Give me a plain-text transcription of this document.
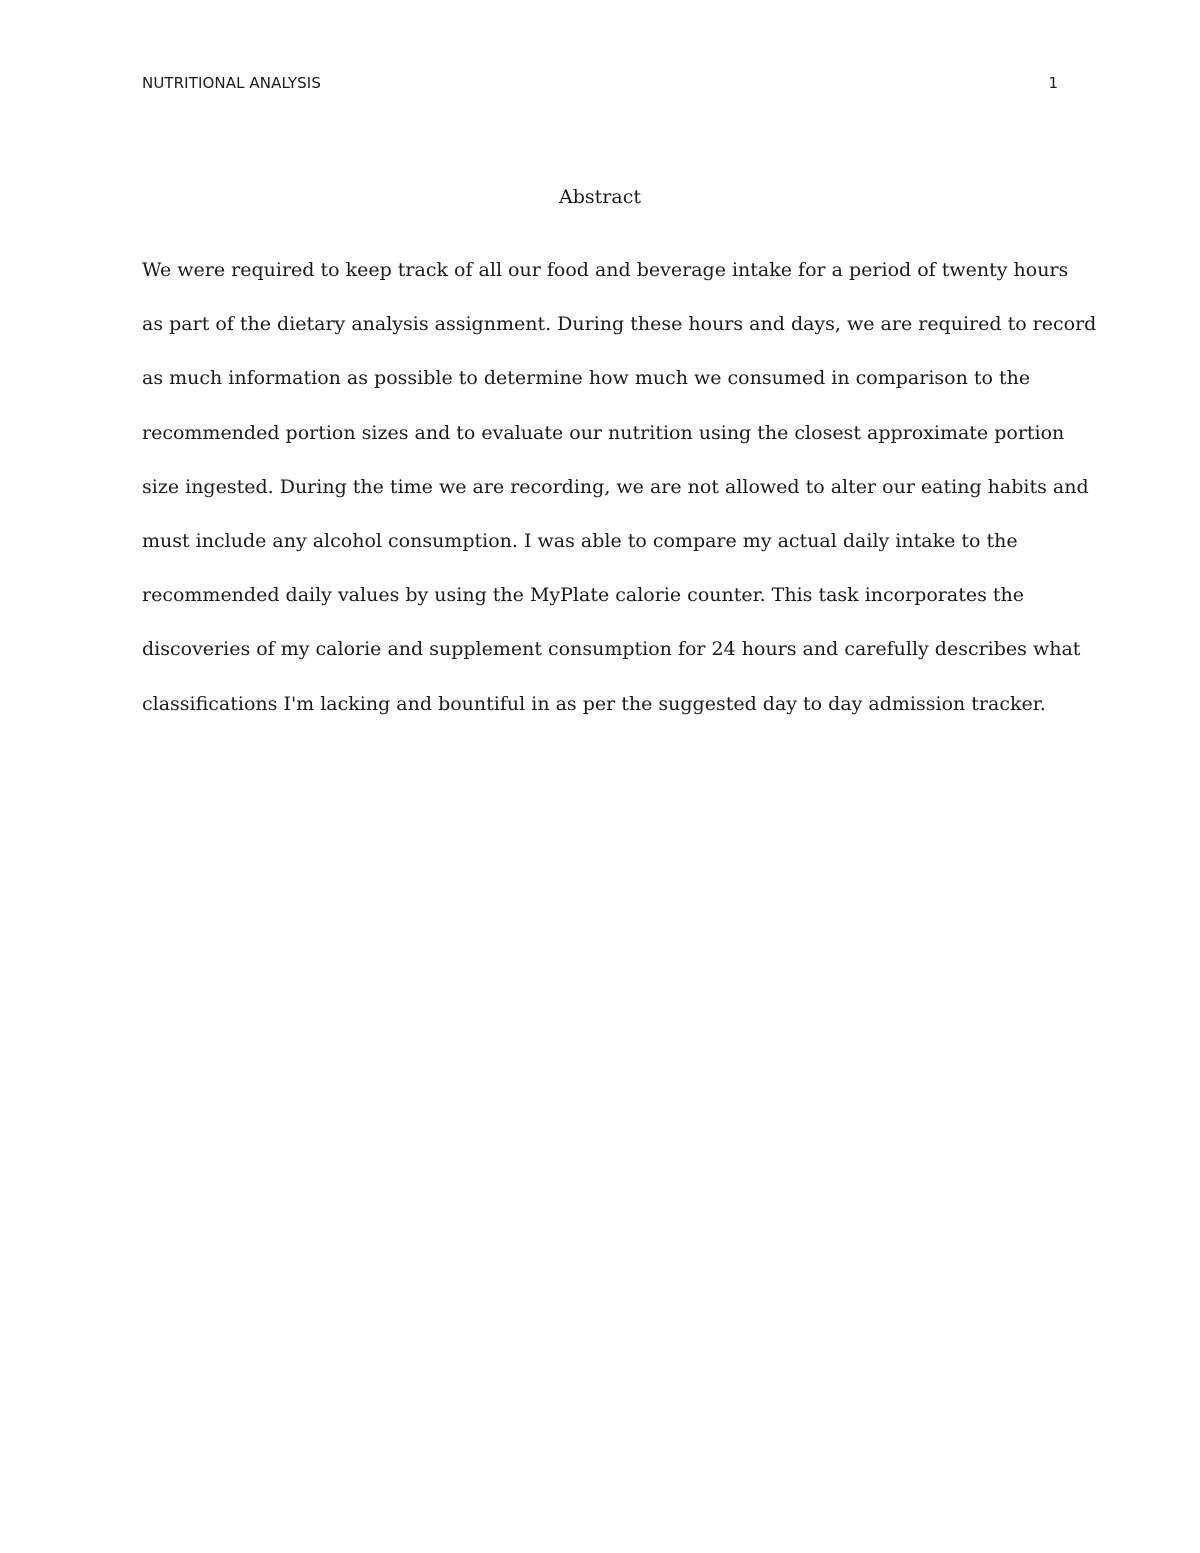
NUTRITIONAL ANALYSIS	1
Abstract
We were required to keep track of all our food and beverage intake for a period of twenty hours
as part of the dietary analysis assignment. During these hours and days, we are required to record
as much information as possible to determine how much we consumed in comparison to the
recommended portion sizes and to evaluate our nutrition using the closest approximate portion
size ingested. During the time we are recording, we are not allowed to alter our eating habits and
must include any alcohol consumption. I was able to compare my actual daily intake to the
recommended daily values by using the MyPlate calorie counter. This task incorporates the
discoveries of my calorie and supplement consumption for 24 hours and carefully describes what
classifications I'm lacking and bountiful in as per the suggested day to day admission tracker.
